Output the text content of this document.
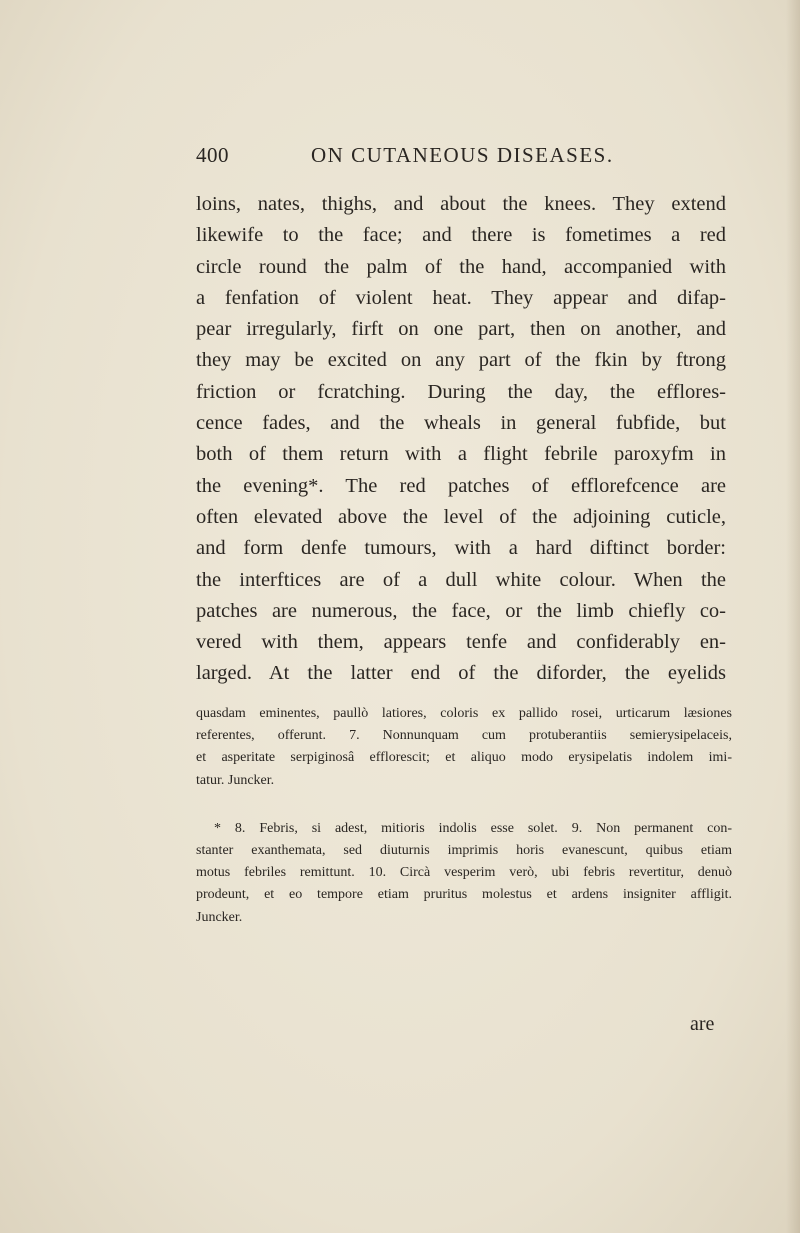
400	ON CUTANEOUS DISEASES.
loins, nates, thighs, and about the knees. They extend
likewife to the face; and there is fometimes a red
circle round the palm of the hand, accompanied with
a fenfation of violent heat. They appear and difap-
pear irregularly, firft on one part, then on another, and
they may be excited on any part of the fkin by ftrong
friction or fcratching. During the day, the efflores-
cence fades, and the wheals in general fubfide, but
both of them return with a flight febrile paroxyfm in
the evening*. The red patches of efflorefcence are
often elevated above the level of the adjoining cuticle,
and form denfe tumours, with a hard diftinct border:
the interftices are of a dull white colour. When the
patches are numerous, the face, or the limb chiefly co-
vered with them, appears tenfe and confiderably en-
larged. At the latter end of the diforder, the eyelids
quasdam eminentes, paullò latiores, coloris ex pallido rosei, urticarum læsiones
referentes, offerunt. 7. Nonnunquam cum protuberantiis semierysipelaceis,
et asperitate serpiginosâ efflorescit; et aliquo modo erysipelatis indolem imi-
tatur. Juncker.
* 8. Febris, si adest, mitioris indolis esse solet. 9. Non permanent con-
stanter exanthemata, sed diuturnis imprimis horis evanescunt, quibus etiam
motus febriles remittunt. 10. Circà vesperim verò, ubi febris revertitur, denuò
prodeunt, et eo tempore etiam pruritus molestus et ardens insigniter affligit.
Juncker.
are
